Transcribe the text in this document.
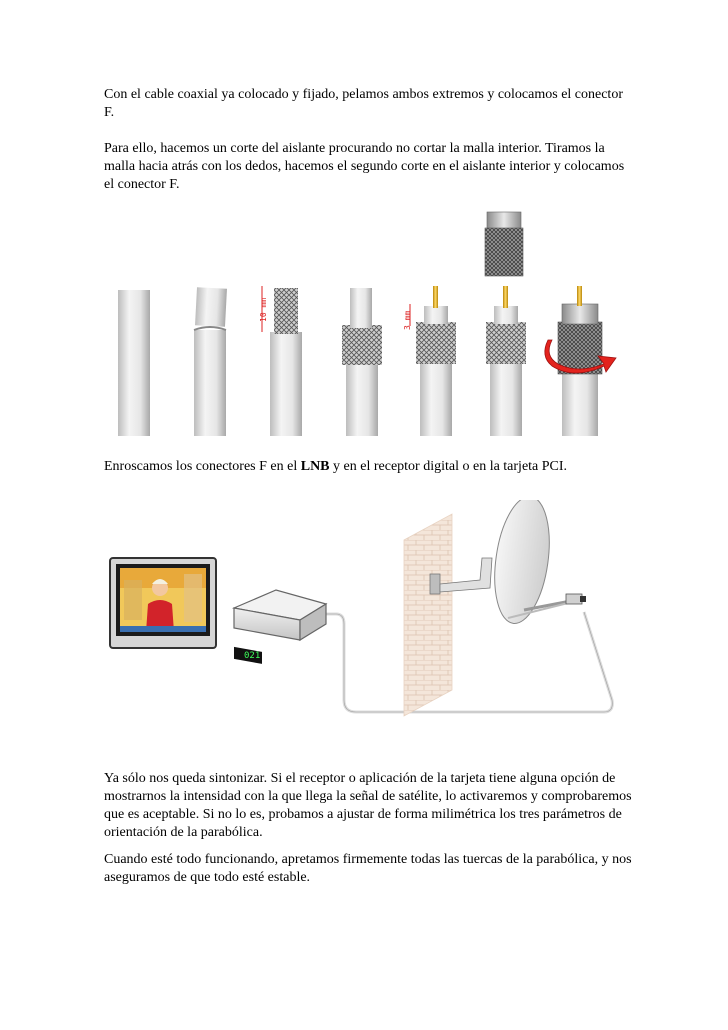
Con el cable coaxial ya colocado y fijado, pelamos ambos extremos y colocamos el conector F.

Para ello, hacemos un corte del aislante procurando no cortar la malla interior. Tiramos la malla hacia atrás con los dedos, hacemos el segundo corte en el aislante interior y colocamos el conector F.

10 mm	3 mm

Enroscamos los conectores F en el LNB y en el receptor digital o en la tarjeta PCI.

021

Ya sólo nos queda sintonizar. Si el receptor o aplicación de la tarjeta tiene alguna opción de mostrarnos la intensidad con la que llega la señal de satélite, lo activaremos y comprobaremos que es aceptable. Si no lo es, probamos a ajustar de forma milimétrica los tres parámetros de orientación de la parabólica.

Cuando esté todo funcionando, apretamos firmemente todas las tuercas de la parabólica, y nos aseguramos de que todo esté estable.
